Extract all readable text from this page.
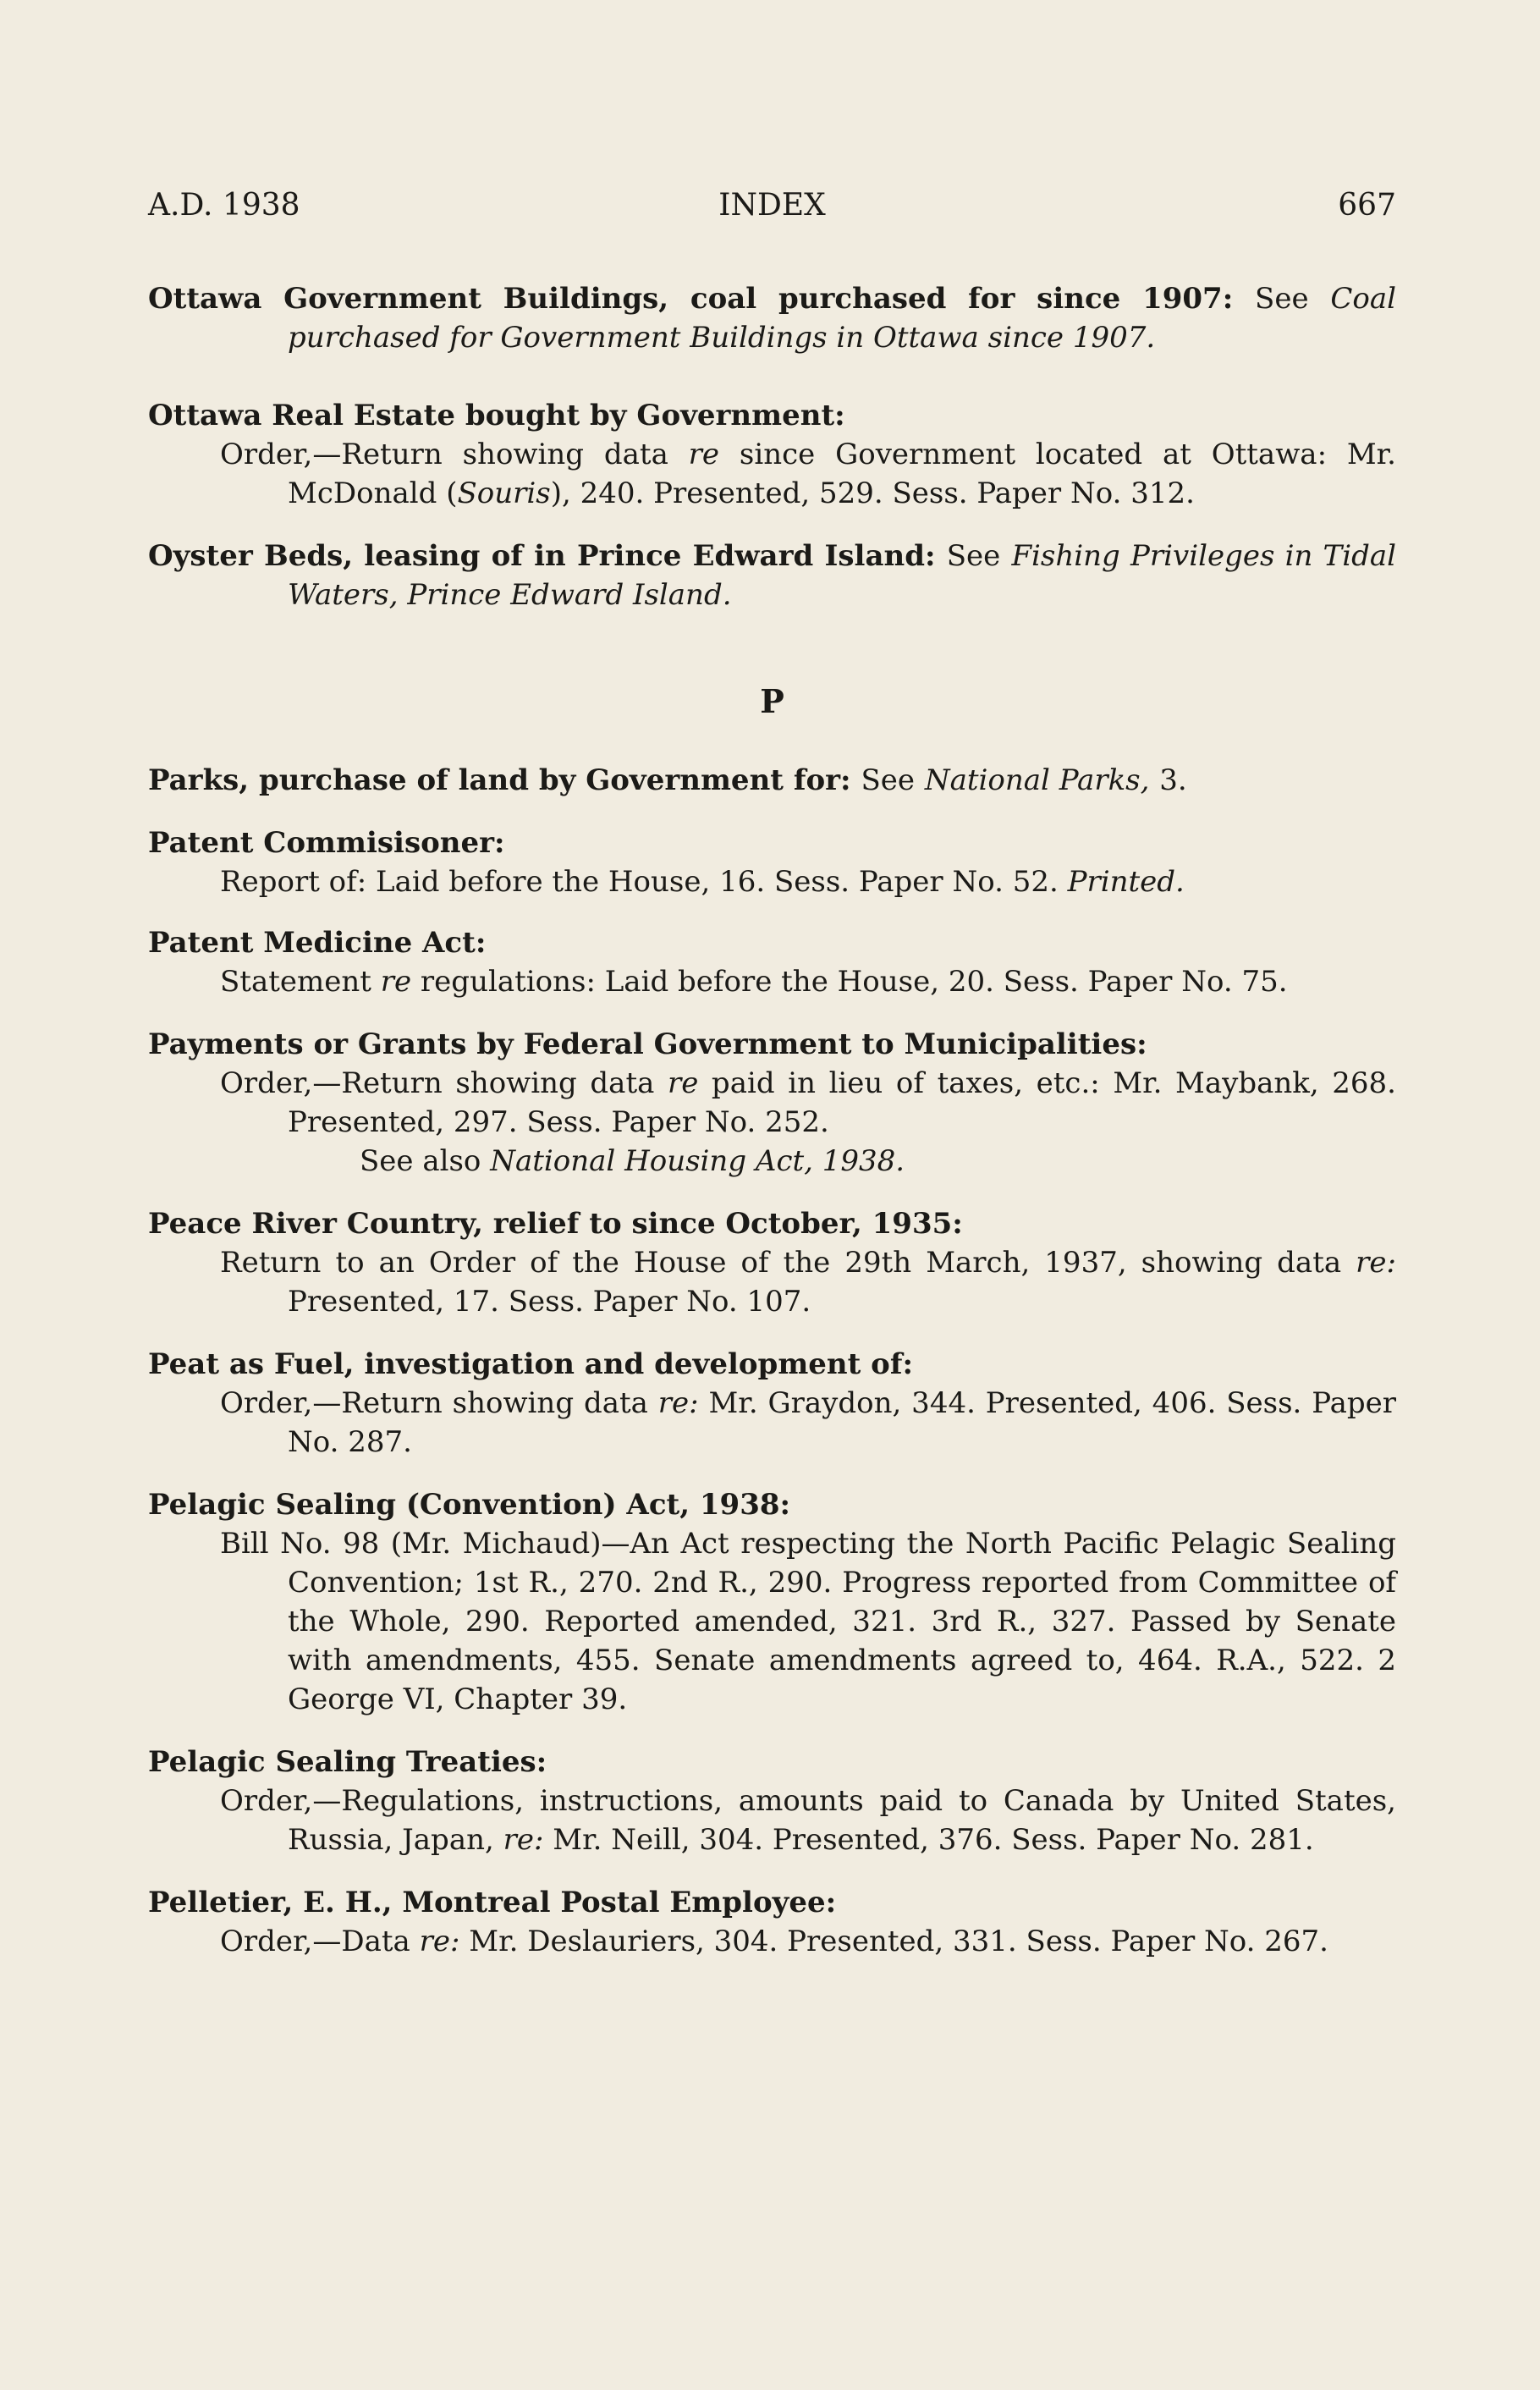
A.D. 1938	INDEX	667

Ottawa Government Buildings, coal purchased for since 1907: See Coal purchased for Government Buildings in Ottawa since 1907.

Ottawa Real Estate bought by Government:

Order,—Return showing data re since Government located at Ottawa: Mr. McDonald (Souris), 240. Presented, 529. Sess. Paper No. 312.

Oyster Beds, leasing of in Prince Edward Island: See Fishing Privileges in Tidal Waters, Prince Edward Island.

P

Parks, purchase of land by Government for: See National Parks, 3.

Patent Commisisoner:

Report of: Laid before the House, 16. Sess. Paper No. 52. Printed.

Patent Medicine Act:

Statement re regulations: Laid before the House, 20. Sess. Paper No. 75.

Payments or Grants by Federal Government to Municipalities:

Order,—Return showing data re paid in lieu of taxes, etc.: Mr. Maybank, 268. Presented, 297. Sess. Paper No. 252.

See also National Housing Act, 1938.

Peace River Country, relief to since October, 1935:

Return to an Order of the House of the 29th March, 1937, showing data re: Presented, 17. Sess. Paper No. 107.

Peat as Fuel, investigation and development of:

Order,—Return showing data re: Mr. Graydon, 344. Presented, 406. Sess. Paper No. 287.

Pelagic Sealing (Convention) Act, 1938:

Bill No. 98 (Mr. Michaud)—An Act respecting the North Pacific Pelagic Sealing Convention; 1st R., 270. 2nd R., 290. Progress reported from Committee of the Whole, 290. Reported amended, 321. 3rd R., 327. Passed by Senate with amendments, 455. Senate amendments agreed to, 464. R.A., 522. 2 George VI, Chapter 39.

Pelagic Sealing Treaties:

Order,—Regulations, instructions, amounts paid to Canada by United States, Russia, Japan, re: Mr. Neill, 304. Presented, 376. Sess. Paper No. 281.

Pelletier, E. H., Montreal Postal Employee:

Order,—Data re: Mr. Deslauriers, 304. Presented, 331. Sess. Paper No. 267.
